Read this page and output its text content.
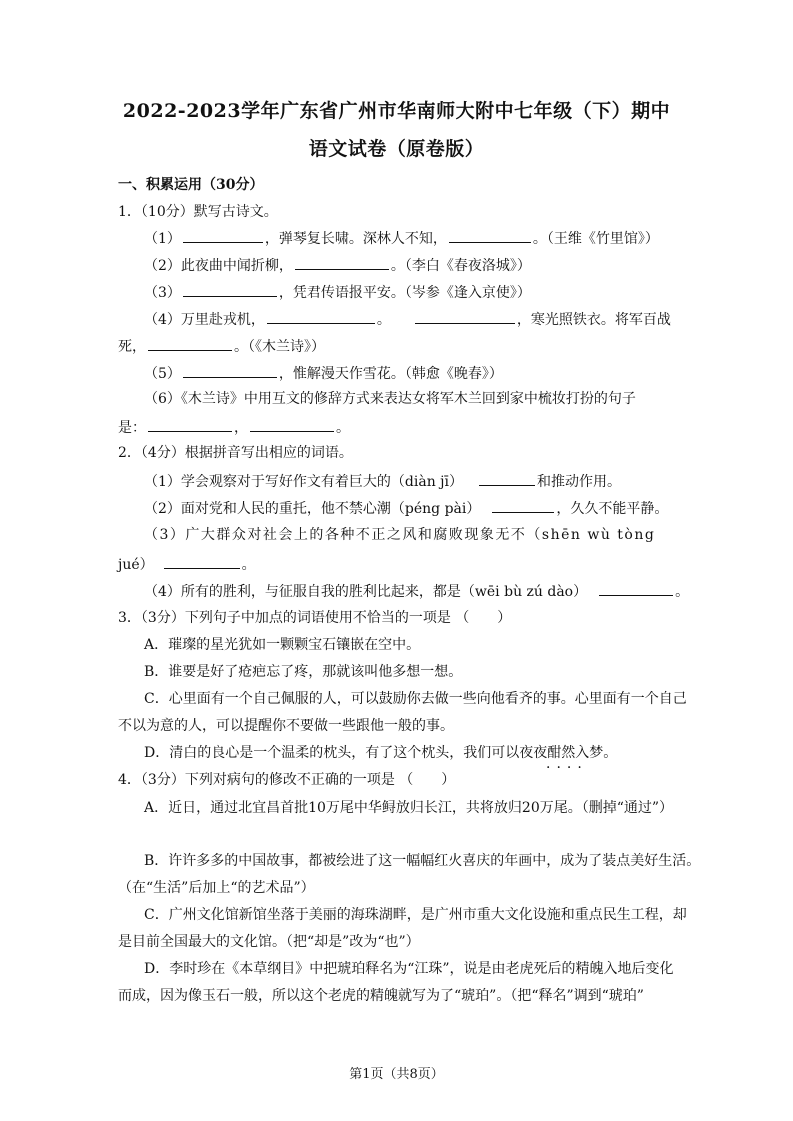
2022-2023学年广东省广州市华南师大附中七年级（下）期中
语文试卷（原卷版）
一、积累运用（30分）
1．（10分）默写古诗文。
（1）	，弹琴复长啸。深林人不知，	。（王维《竹里馆》）
（2）此夜曲中闻折柳，	。（李白《春夜洛城》）
（3）	，凭君传语报平安。（岑参《逢入京使》）
（4）万里赴戎机，	。	，寒光照铁衣。将军百战
死，	。（《木兰诗》）
（5）	，惟解漫天作雪花。（韩愈《晚春》）
（6）《木兰诗》中用互文的修辞方式来表达女将军木兰回到家中梳妆打扮的句子
是：	，	。
2．（4分）根据拼音写出相应的词语。
（1）学会观察对于写好作文有着巨大的（diàn jī）	和推动作用。
（2）面对党和人民的重托，他不禁心潮（péng pài）	，久久不能平静。
（3）广大群众对社会上的各种不正之风和腐败现象无不（shēn wù tòng
jué）	。
（4）所有的胜利，与征服自我的胜利比起来，都是（wēi bù zú dào）	。
3．（3分）下列句子中加点的词语使用不恰当的一项是 （　　）
A．璀璨的星光犹如一颗颗宝石镶嵌在空中。
B．谁要是好了疮疤忘了疼，那就该叫他多想一想。
C．心里面有一个自己佩服的人，可以鼓励你去做一些向他看齐的事。心里面有一个自己
不以为意的人，可以提醒你不要做一些跟他一般的事。
D．清白的良心是一个温柔的枕头，有了这个枕头，我们可以夜夜酣然入梦。
····
4．（3分）下列对病句的修改不正确的一项是 （　　）
A．近日，通过北宜昌首批10万尾中华鲟放归长江，共将放归20万尾。（删掉“通过”）
B．许许多多的中国故事，都被绘进了这一幅幅红火喜庆的年画中，成为了装点美好生活。
（在“生活”后加上“的艺术品”）
C．广州文化馆新馆坐落于美丽的海珠湖畔，是广州市重大文化设施和重点民生工程，却
是目前全国最大的文化馆。（把“却是”改为“也”）
D．李时珍在《本草纲目》中把琥珀释名为“江珠”，说是由老虎死后的精魄入地后变化
而成，因为像玉石一般，所以这个老虎的精魄就写为了“琥珀”。（把“释名”调到“琥珀”
第1页（共8页）
